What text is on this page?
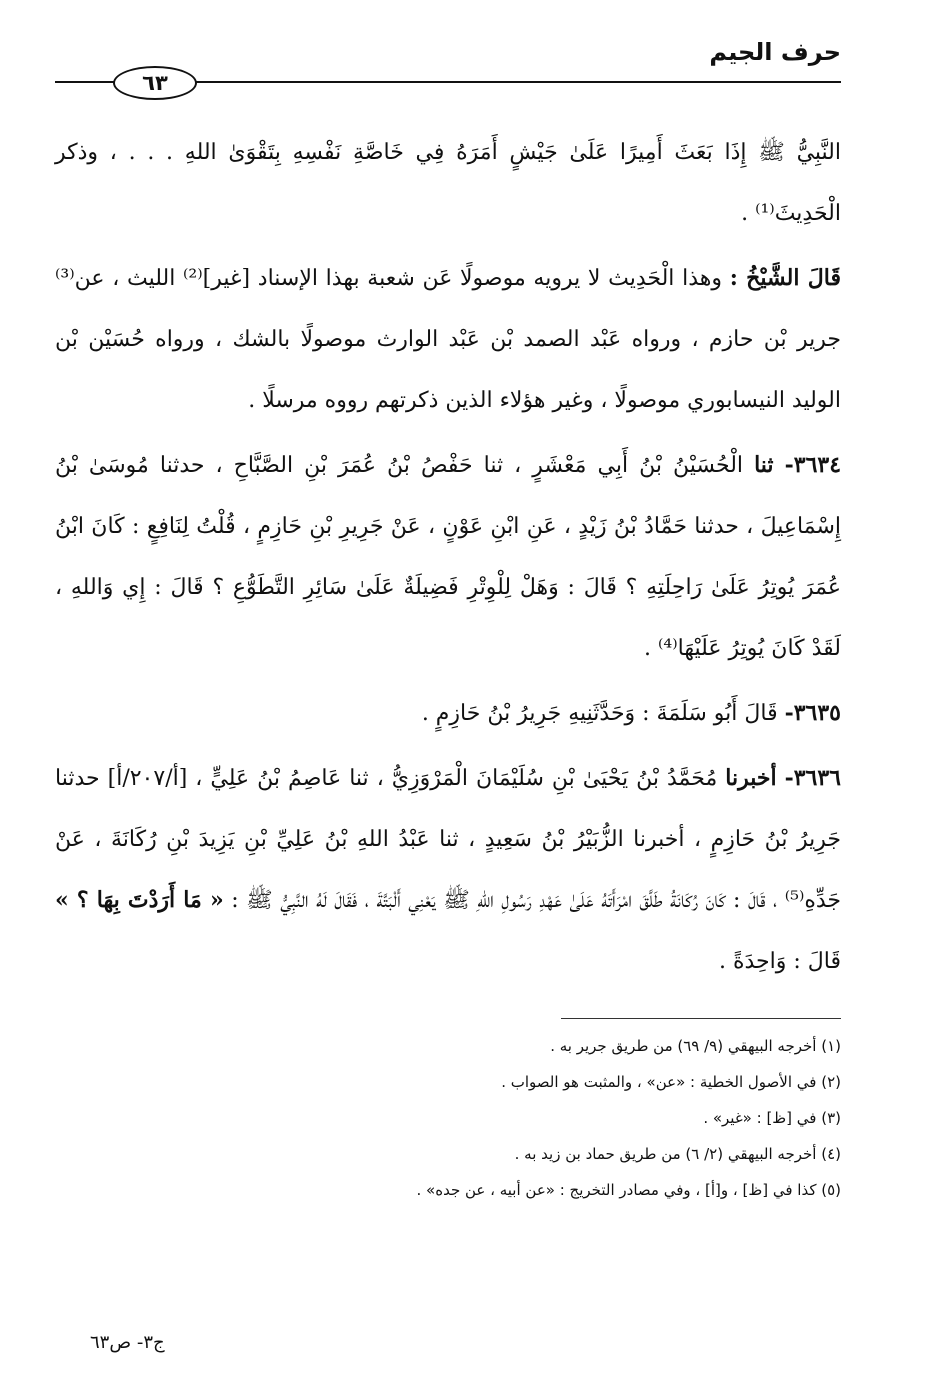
حرف الجيم
٦٣

النَّبِيُّ ﷺ إِذَا بَعَثَ أَمِيرًا عَلَىٰ جَيْشٍ أَمَرَهُ فِي خَاصَّةِ نَفْسِهِ بِتَقْوَىٰ اللهِ . . . ، وذكر الْحَدِيثَ⁽¹⁾ .

قَالَ الشَّيْخُ : وهذا الْحَدِيث لا يرويه موصولًا عَن شعبة بهذا الإسناد [غير]⁽²⁾ الليث ، عن⁽³⁾ جرير بْن حازم ، ورواه عَبْد الصمد بْن عَبْد الوارث موصولًا بالشك ، ورواه حُسَيْن بْن الوليد النيسابوري موصولًا ، وغير هؤلاء الذين ذكرتهم رووه مرسلًا .

٣٦٣٤- ثنا الْحُسَيْنُ بْنُ أَبِي مَعْشَرٍ ، ثنا حَفْصُ بْنُ عُمَرَ بْنِ الصَّبَّاحِ ، حدثنا مُوسَىٰ بْنُ إِسْمَاعِيلَ ، حدثنا حَمَّادُ بْنُ زَيْدٍ ، عَنِ ابْنِ عَوْنٍ ، عَنْ جَرِيرِ بْنِ حَازِمٍ ، قُلْتُ لِنَافِعٍ : كَانَ ابْنُ عُمَرَ يُوتِرُ عَلَىٰ رَاحِلَتِهِ ؟ قَالَ : وَهَلْ لِلْوِتْرِ فَضِيلَةٌ عَلَىٰ سَائِرِ التَّطَوُّعِ ؟ قَالَ : إِي وَاللهِ ، لَقَدْ كَانَ يُوتِرُ عَلَيْهَا⁽⁴⁾ .

٣٦٣٥- قَالَ أَبُو سَلَمَةَ : وَحَدَّثَنِيهِ جَرِيرُ بْنُ حَازِمٍ .

٣٦٣٦- أخبرنا مُحَمَّدُ بْنُ يَحْيَىٰ بْنِ سُلَيْمَانَ الْمَرْوَزِيُّ ، ثنا عَاصِمُ بْنُ عَلِيٍّ ، [أ/٢٠٧/أ] حدثنا جَرِيرُ بْنُ حَازِمٍ ، أخبرنا الزُّبَيْرُ بْنُ سَعِيدٍ ، ثنا عَبْدُ اللهِ بْنُ عَلِيِّ بْنِ يَزِيدَ بْنِ رُكَانَةَ ، عَنْ جَدِّهِ⁽⁵⁾ ، قَالَ : كَانَ رُكَانَةُ طَلَّقَ امْرَأَتَهُ عَلَىٰ عَهْدِ رَسُولِ اللهِ ﷺ يَعْنِي أَلْبَتَّةَ ، فَقَالَ لَهُ النَّبِيُّ ﷺ : « مَا أَرَدْتَ بِهَا ؟ » قَالَ : وَاحِدَةً .

(١) أخرجه البيهقي (٩/ ٦٩) من طريق جرير به .

(٢) في الأصول الخطية : «عن» ، والمثبت هو الصواب .

(٣) في [ظ] : «غير» .

(٤) أخرجه البيهقي (٢/ ٦) من طريق حماد بن زيد به .

(٥) كذا في [ظ] ، و[أ] ، وفي مصادر التخريج : «عن أبيه ، عن جده» .

ج٣- ص٦٣
